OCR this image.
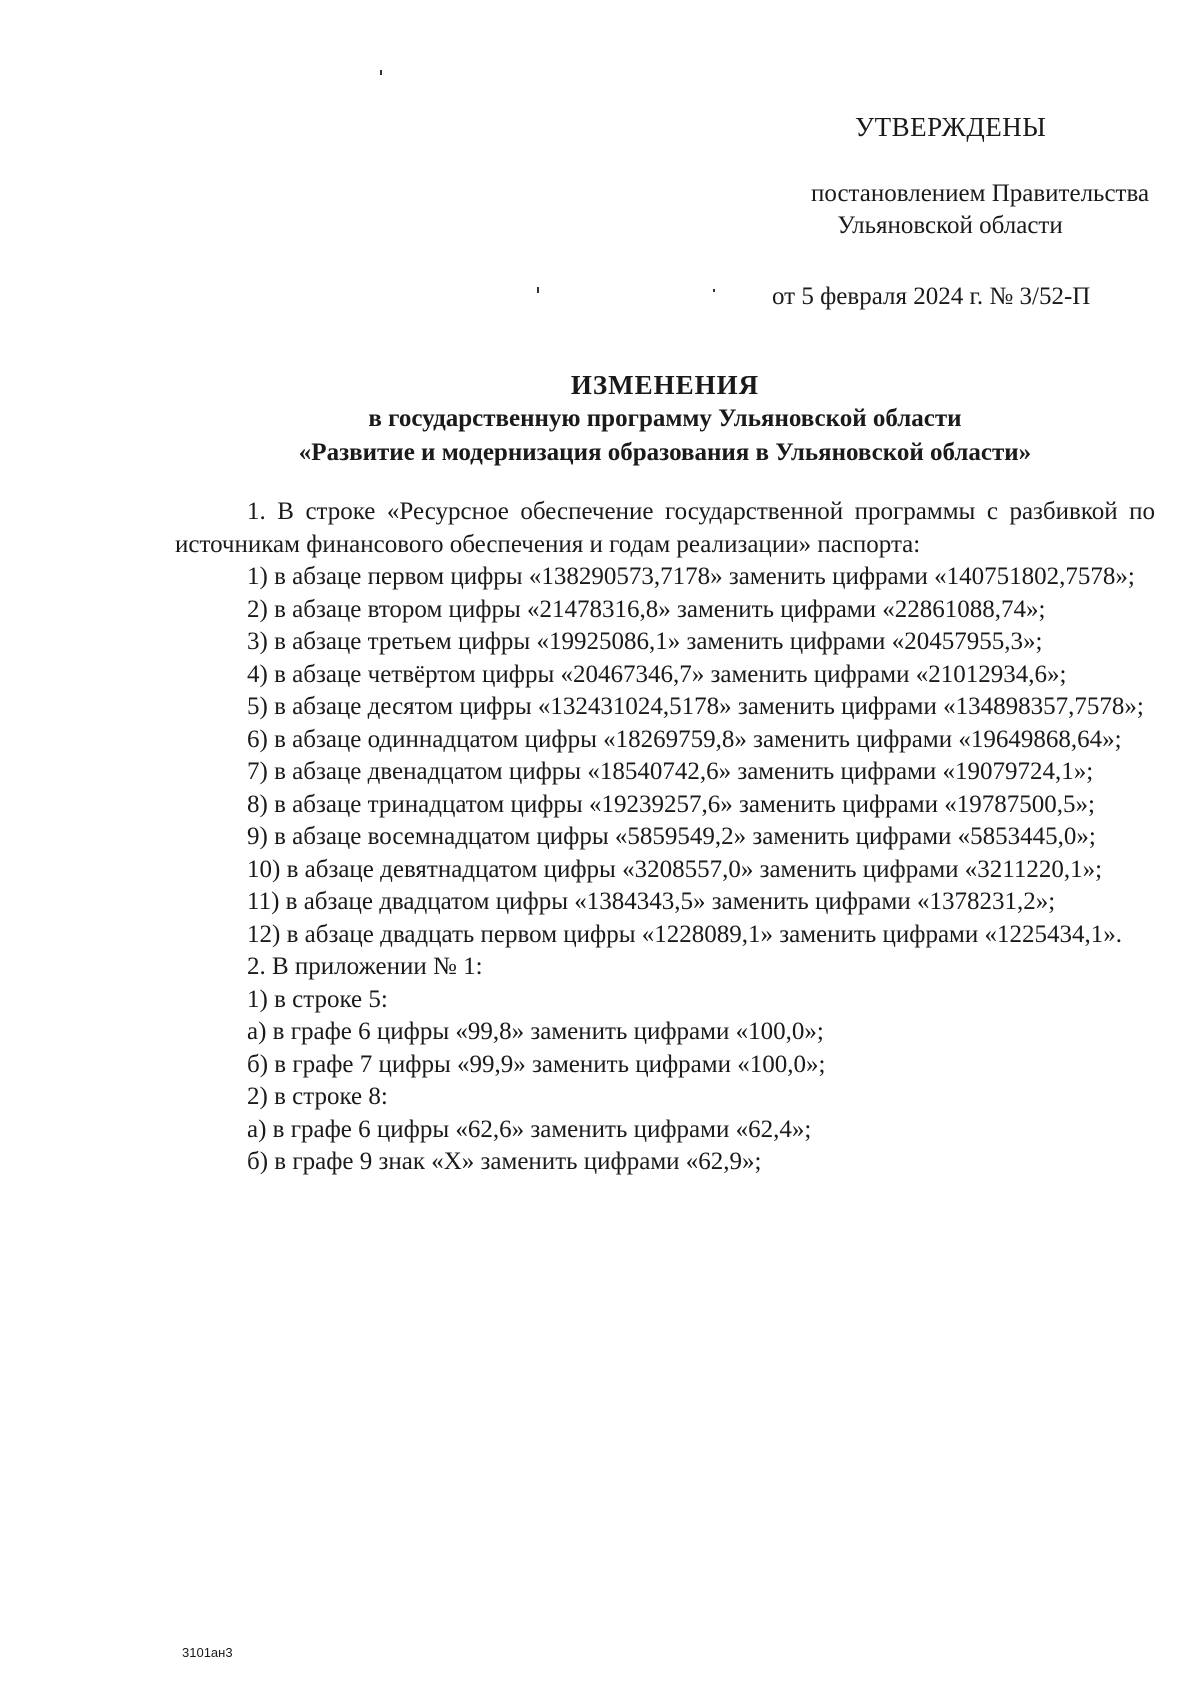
УТВЕРЖДЕНЫ
постановлением Правительства
Ульяновской области
от 5 февраля 2024 г. № 3/52-П
ИЗМЕНЕНИЯ
в государственную программу Ульяновской области
«Развитие и модернизация образования в Ульяновской области»

1. В строке «Ресурсное обеспечение государственной программы с разбивкой по источникам финансового обеспечения и годам реализации» паспорта:

1) в абзаце первом цифры «138290573,7178» заменить цифрами «140751802,7578»;

2) в абзаце втором цифры «21478316,8» заменить цифрами «22861088,74»;

3) в абзаце третьем цифры «19925086,1» заменить цифрами «20457955,3»;

4) в абзаце четвёртом цифры «20467346,7» заменить цифрами «21012934,6»;

5) в абзаце десятом цифры «132431024,5178» заменить цифрами «134898357,7578»;

6) в абзаце одиннадцатом цифры «18269759,8» заменить цифрами «19649868,64»;

7) в абзаце двенадцатом цифры «18540742,6» заменить цифрами «19079724,1»;

8) в абзаце тринадцатом цифры «19239257,6» заменить цифрами «19787500,5»;

9) в абзаце восемнадцатом цифры «5859549,2» заменить цифрами «5853445,0»;

10) в абзаце девятнадцатом цифры «3208557,0» заменить цифрами «3211220,1»;

11) в абзаце двадцатом цифры «1384343,5» заменить цифрами «1378231,2»;

12) в абзаце двадцать первом цифры «1228089,1» заменить цифрами «1225434,1».

2. В приложении № 1:

1) в строке 5:

а) в графе 6 цифры «99,8» заменить цифрами «100,0»;

б) в графе 7 цифры «99,9» заменить цифрами «100,0»;

2) в строке 8:

а) в графе 6 цифры «62,6» заменить цифрами «62,4»;

б) в графе 9 знак «Х» заменить цифрами «62,9»;

3101ан3
